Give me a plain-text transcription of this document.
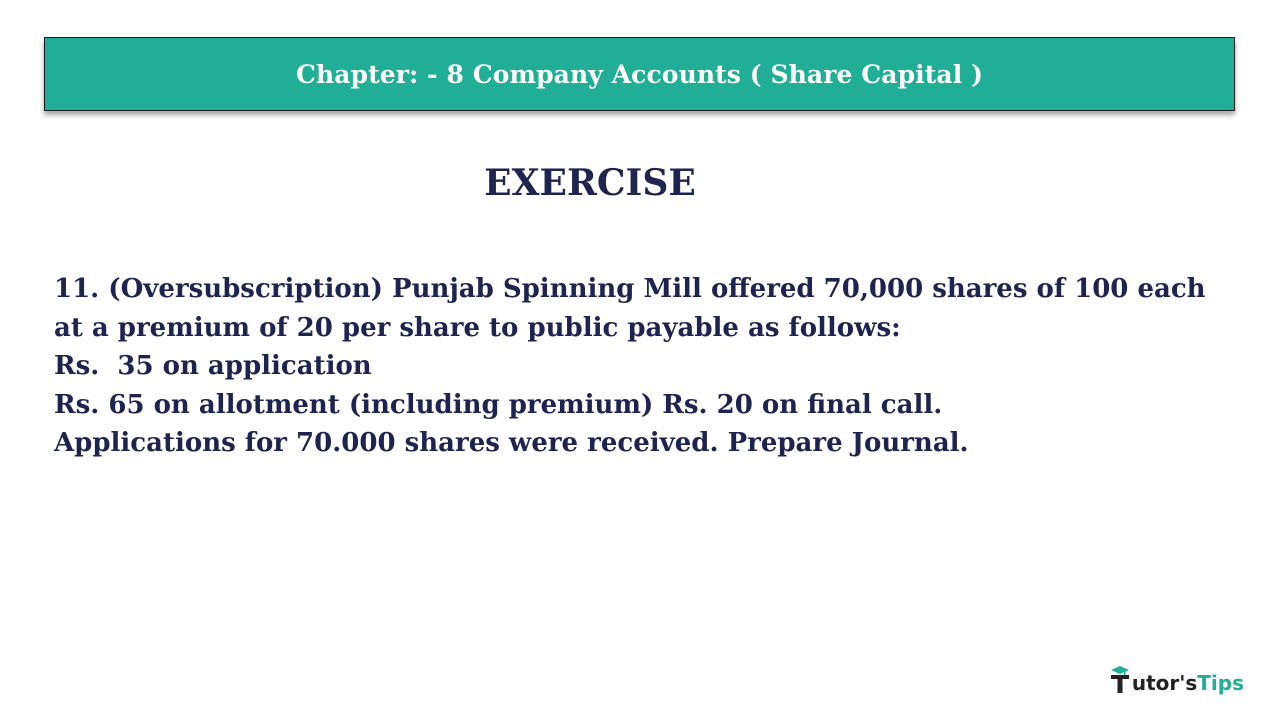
Chapter: - 8 Company Accounts ( Share Capital )
EXERCISE
11. (Oversubscription) Punjab Spinning Mill offered 70,000 shares of 100 each
at a premium of 20 per share to public payable as follows:
Rs.  35 on application
Rs. 65 on allotment (including premium) Rs. 20 on final call.
Applications for 70.000 shares were received. Prepare Journal.
utor'sTips
